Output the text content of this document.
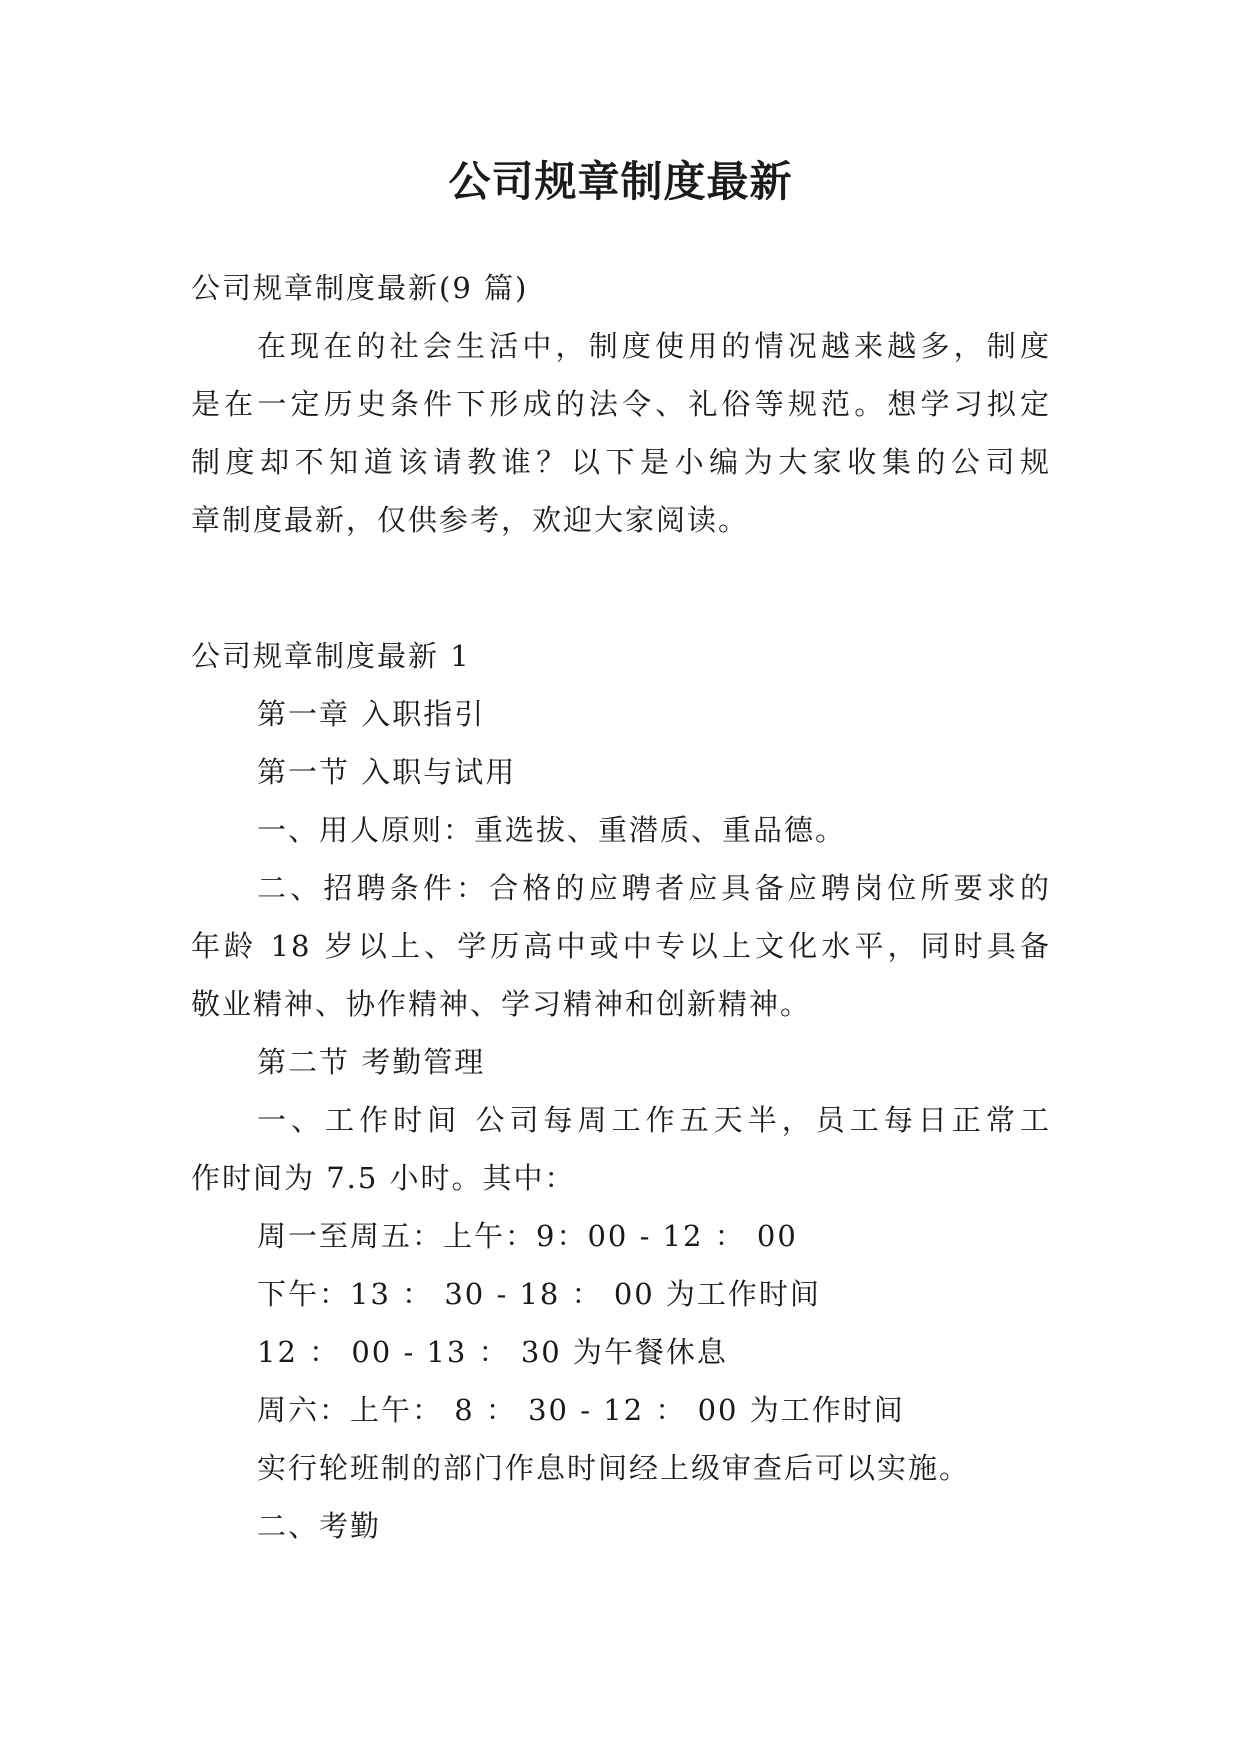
公司规章制度最新
公司规章制度最新(9 篇)
在现在的社会生活中，制度使用的情况越来越多，制度
是在一定历史条件下形成的法令、礼俗等规范。想学习拟定
制度却不知道该请教谁？以下是小编为大家收集的公司规
章制度最新，仅供参考，欢迎大家阅读。
公司规章制度最新 1
第一章 入职指引
第一节 入职与试用
一、用人原则：重选拔、重潜质、重品德。
二、招聘条件：合格的应聘者应具备应聘岗位所要求的
年龄 18 岁以上、学历高中或中专以上文化水平，同时具备
敬业精神、协作精神、学习精神和创新精神。
第二节 考勤管理
一、工作时间 公司每周工作五天半，员工每日正常工
作时间为 7.5 小时。其中：
周一至周五：上午：9：00 - 12 ： 00
下午：13 ： 30 - 18 ： 00 为工作时间
12 ： 00 - 13 ： 30 为午餐休息
周六：上午： 8 ： 30 - 12 ： 00 为工作时间
实行轮班制的部门作息时间经上级审查后可以实施。
二、考勤
